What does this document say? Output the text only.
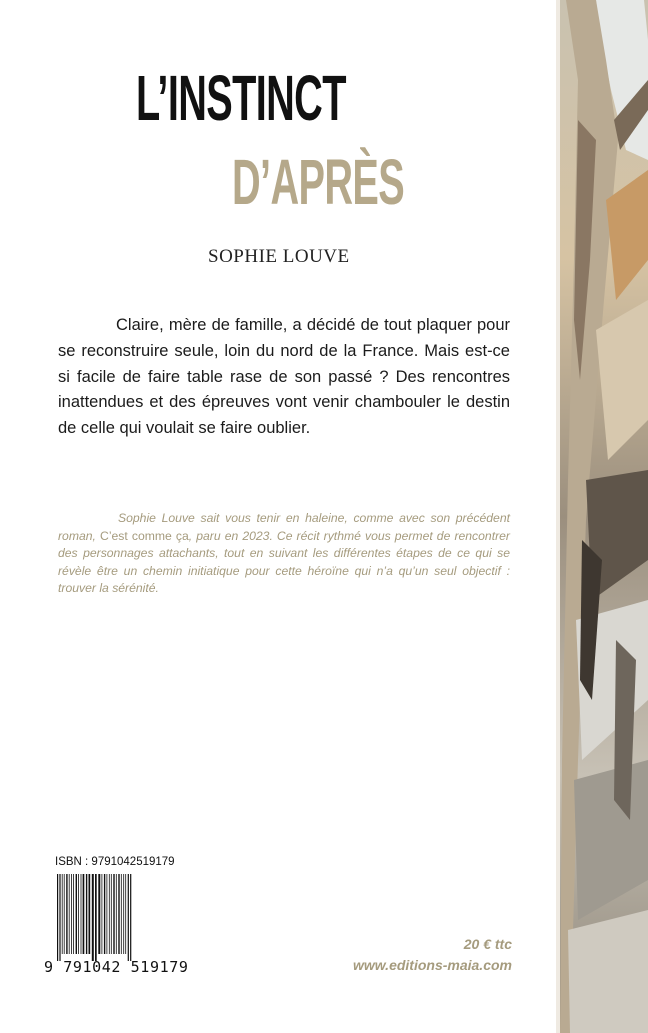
L’INSTINCT
D’APRÈS
SOPHIE LOUVE

Claire, mère de famille, a décidé de tout plaquer pour se reconstruire seule, loin du nord de la France. Mais est-ce si facile de faire table rase de son passé ? Des rencontres inattendues et des épreuves vont venir chambouler le destin de celle qui voulait se faire oublier.

Sophie Louve sait vous tenir en haleine, comme avec son précédent roman, C’est comme ça, paru en 2023. Ce récit rythmé vous permet de rencontrer des personnages attachants, tout en suivant les différentes étapes de ce qui se révèle être un chemin initiatique pour cette héroïne qui n’a qu’un seul objectif : trouver la sérénité.

ISBN : 9791042519179
9 791042 519179
20 € ttc
www.editions-maia.com
